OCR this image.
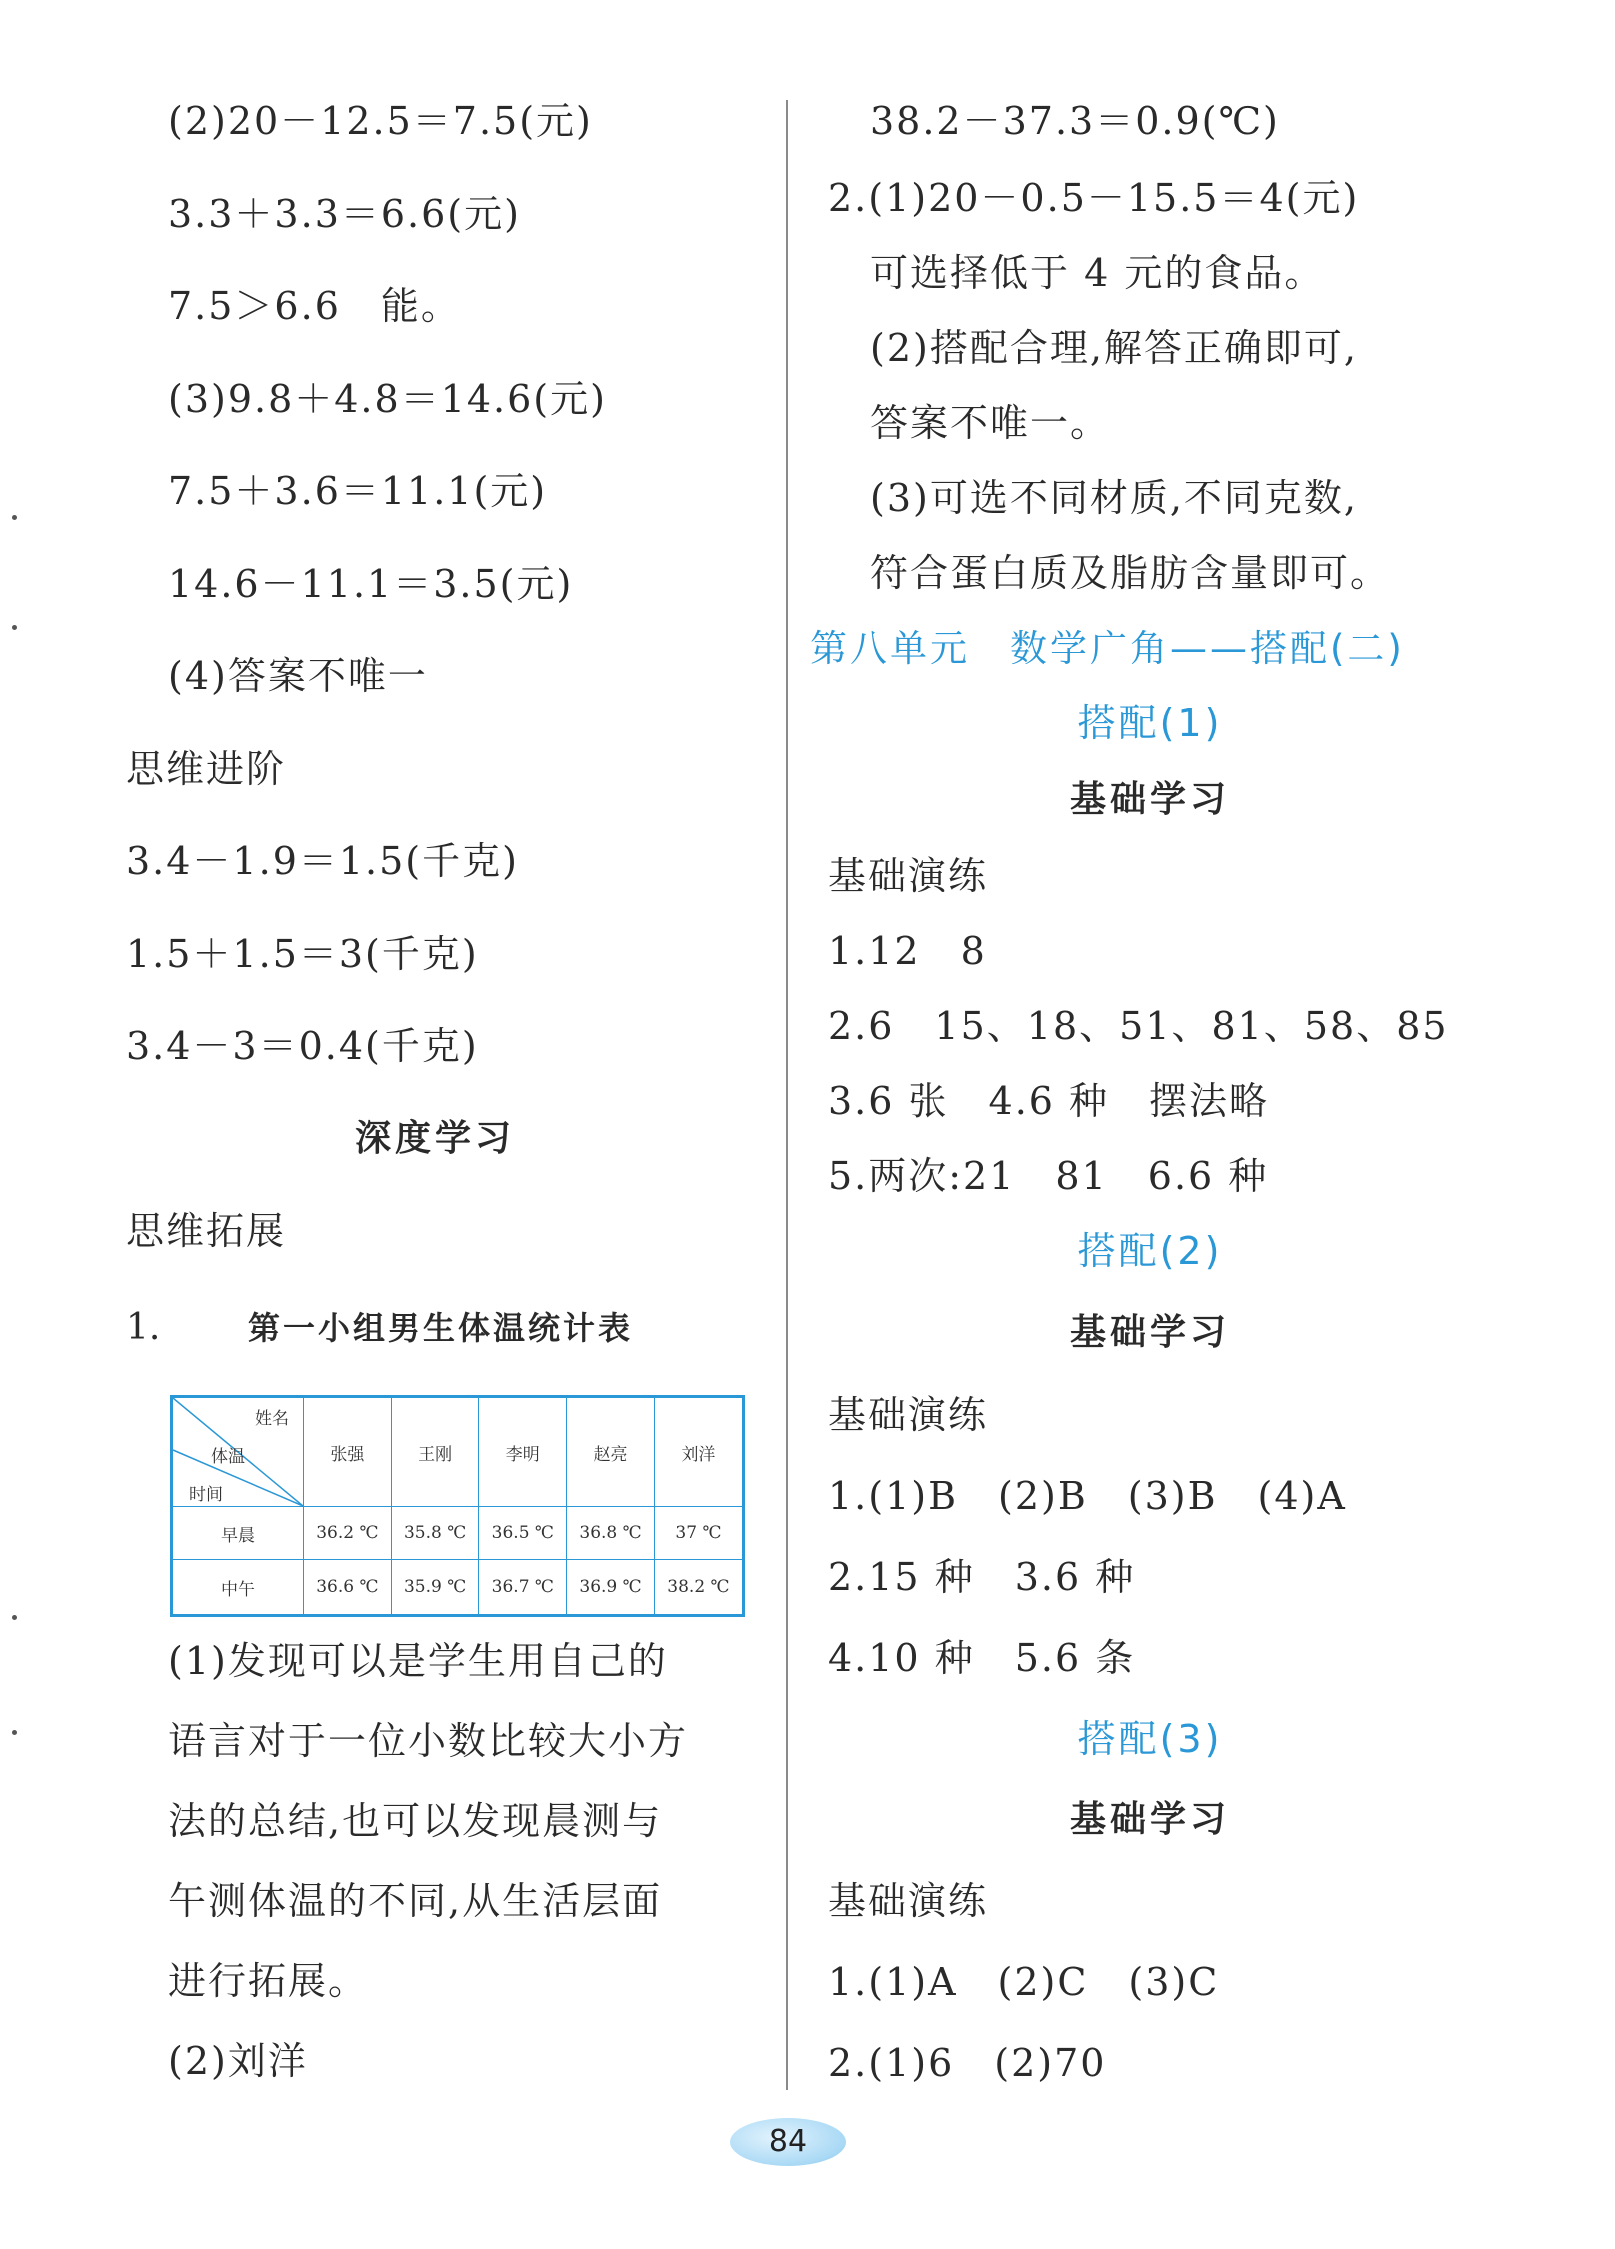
(2)20－12.5＝7.5(元)
3.3＋3.3＝6.6(元)
7.5＞6.6　能。
(3)9.8＋4.8＝14.6(元)
7.5＋3.6＝11.1(元)
14.6－11.1＝3.5(元)
(4)答案不唯一
思维进阶
3.4－1.9＝1.5(千克)
1.5＋1.5＝3(千克)
3.4－3＝0.4(千克)
深度学习
思维拓展
1.	第一小组男生体温统计表
姓名
体温
时间	张强	王刚	李明	赵亮	刘洋
早晨	36.2 ℃	35.8 ℃	36.5 ℃	36.8 ℃	37 ℃
中午	36.6 ℃	35.9 ℃	36.7 ℃	36.9 ℃	38.2 ℃
(1)发现可以是学生用自己的
语言对于一位小数比较大小方
法的总结,也可以发现晨测与
午测体温的不同,从生活层面
进行拓展。
(2)刘洋
38.2－37.3＝0.9(℃)
2.(1)20－0.5－15.5＝4(元)
可选择低于 4 元的食品。
(2)搭配合理,解答正确即可,
答案不唯一。
(3)可选不同材质,不同克数,
符合蛋白质及脂肪含量即可。
第八单元　数学广角——搭配(二)
搭配(1)
基础学习
基础演练
1.12　8
2.6　15、18、51、81、58、85
3.6 张　4.6 种　摆法略
5.两次:21　81　6.6 种
搭配(2)
基础学习
基础演练
1.(1)B　(2)B　(3)B　(4)A
2.15 种　3.6 种
4.10 种　5.6 条
搭配(3)
基础学习
基础演练
1.(1)A　(2)C　(3)C
2.(1)6　(2)70
84
